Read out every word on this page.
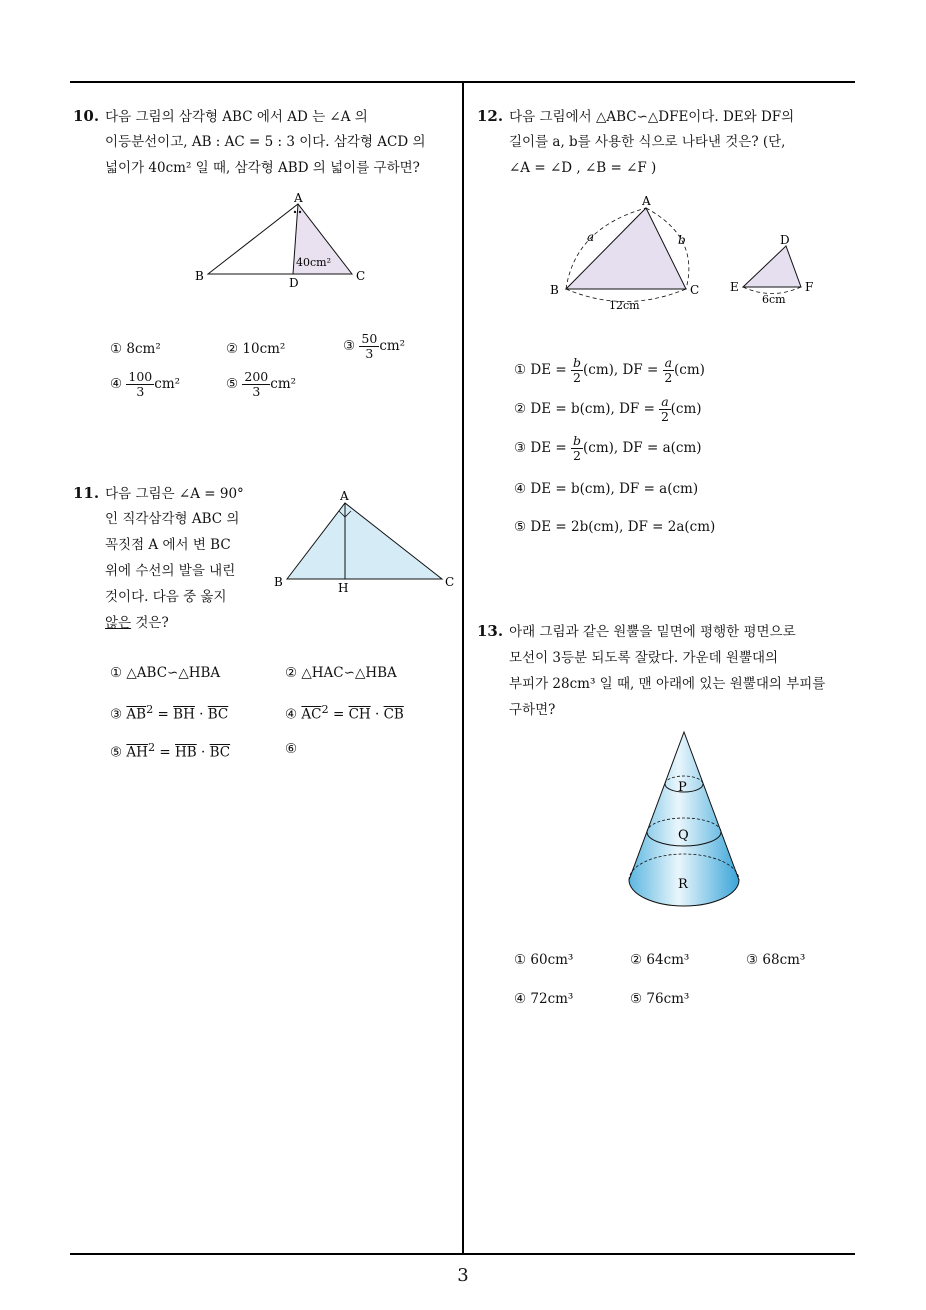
10. 다음 그림의 삼각형 ABC 에서 AD 는 ∠A 의
이등분선이고, AB : AC = 5 : 3 이다. 삼각형 ACD 의
넓이가 40cm² 일 때, 삼각형 ABD 의 넓이를 구하면?
A
B	C
D
40cm²
① 8cm²	② 10cm²	③ $\frac{50}{3} cm^2$
④ $\frac{100}{3} cm^2$	⑤ $\frac{200}{3} cm^2$
11. 다음 그림은 ∠A = 90°
인 직각삼각형 ABC 의
꼭짓점 A 에서 변 BC
위에 수선의 발을 내린
것이다. 다음 중 옳지
않은 것은?
A
B	C
H
① △ABC∽△HBA	② △HAC∽△HBA
③ $\overline{AB}^2 = \overline{BH} \cdot \overline{BC}$	④ $\overline{AC}^2 = \overline{CH} \cdot \overline{CB}$
⑤ $\overline{AH}^2 = \overline{HB} \cdot \overline{BC}$	⑥
12. 다음 그림에서 △ABC∽△DFE이다. DE와 DF의
길이를 a, b를 사용한 식으로 나타낸 것은? (단,
∠A = ∠D , ∠B = ∠F )
A
B	C
a	b
12cm
D
E	F
6cm
① DE = $\frac{b}{2} (cm)$, DF = $\frac{a}{2} (cm)$
② DE = b(cm), DF = $\frac{a}{2} (cm)$
③ DE = $\frac{b}{2} (cm)$, DF = a(cm)
④ DE = b(cm), DF = a(cm)
⑤ DE = 2b(cm), DF = 2a(cm)
13. 아래 그림과 같은 원뿔을 밑면에 평행한 평면으로
모선이 3등분 되도록 잘랐다. 가운데 원뿔대의
부피가 28cm³ 일 때, 맨 아래에 있는 원뿔대의 부피를
구하면?
P
Q
R
① 60cm³	② 64cm³	③ 68cm³
④ 72cm³	⑤ 76cm³
3
